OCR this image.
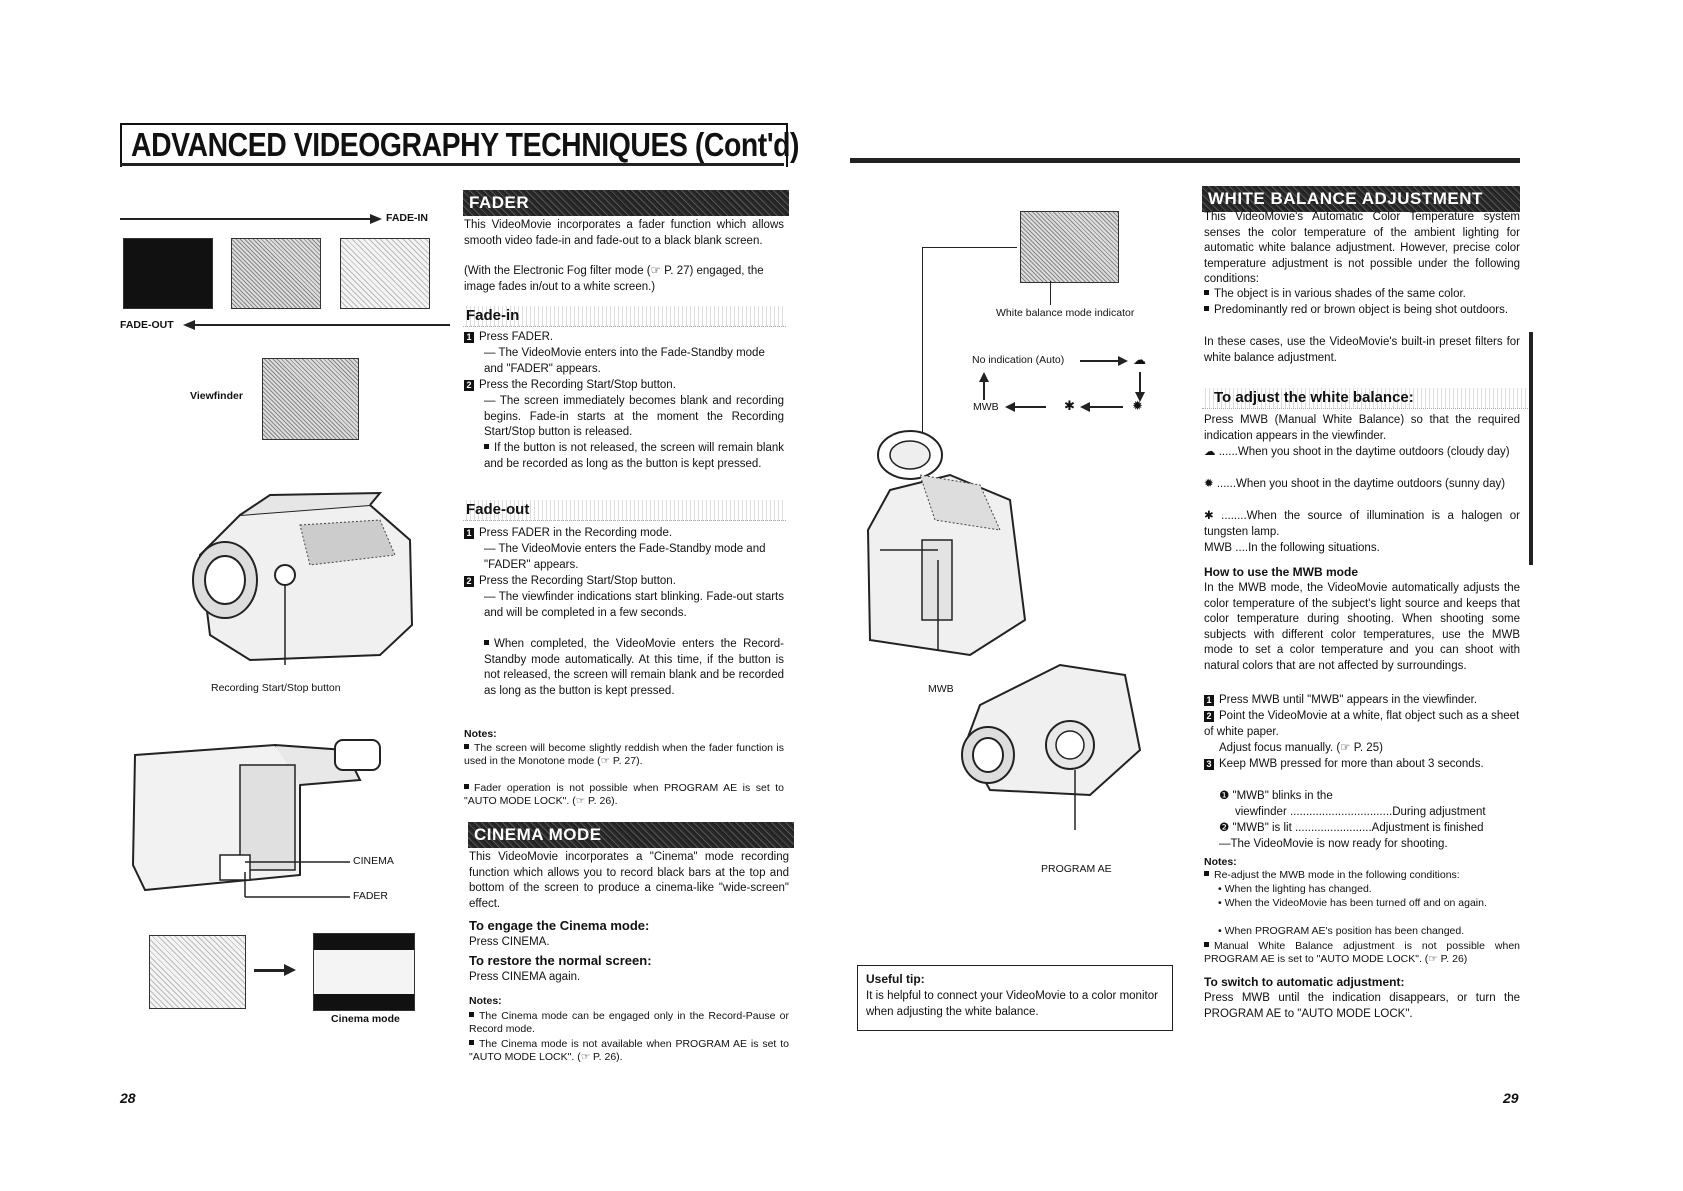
ADVANCED VIDEOGRAPHY TECHNIQUES (Cont'd)
FADE-IN
FADE-OUT
Viewfinder
Recording Start/Stop button
CINEMA
FADER
Cinema mode
28
FADER
This VideoMovie incorporates a fader function which allows smooth video fade-in and fade-out to a black blank screen.
(With the Electronic Fog filter mode (☞ P. 27) engaged, the image fades in/out to a white screen.)
Fade-in
1 Press FADER.
— The VideoMovie enters into the Fade-Standby mode and "FADER" appears.
2 Press the Recording Start/Stop button.
— The screen immediately becomes blank and recording begins. Fade-in starts at the moment the Recording Start/Stop button is released.
If the button is not released, the screen will remain blank and be recorded as long as the button is kept pressed.
Fade-out
1 Press FADER in the Recording mode.
— The VideoMovie enters the Fade-Standby mode and "FADER" appears.
2 Press the Recording Start/Stop button.
— The viewfinder indications start blinking. Fade-out starts and will be completed in a few seconds.
When completed, the VideoMovie enters the Record-Standby mode automatically. At this time, if the button is not released, the screen will remain blank and be recorded as long as the button is kept pressed.
Notes:
The screen will become slightly reddish when the fader function is used in the Monotone mode (☞ P. 27).
Fader operation is not possible when PROGRAM AE is set to "AUTO MODE LOCK". (☞ P. 26).
CINEMA MODE
This VideoMovie incorporates a "Cinema" mode recording function which allows you to record black bars at the top and bottom of the screen to produce a cinema-like "wide-screen" effect.
To engage the Cinema mode:
Press CINEMA.
To restore the normal screen:
Press CINEMA again.
Notes:
The Cinema mode can be engaged only in the Record-Pause or Record mode.
The Cinema mode is not available when PROGRAM AE is set to "AUTO MODE LOCK". (☞ P. 26).
White balance mode indicator
No indication (Auto)	☁
MWB	✱	✹
MWB
PROGRAM AE
Useful tip:
It is helpful to connect your VideoMovie to a color monitor when adjusting the white balance.
WHITE BALANCE ADJUSTMENT
This VideoMovie's Automatic Color Temperature system senses the color temperature of the ambient lighting for automatic white balance adjustment. However, precise color temperature adjustment is not possible under the following conditions:
The object is in various shades of the same color.
Predominantly red or brown object is being shot outdoors.
In these cases, use the VideoMovie's built-in preset filters for white balance adjustment.
To adjust the white balance:
Press MWB (Manual White Balance) so that the required indication appears in the viewfinder.
☁ ......When you shoot in the daytime outdoors (cloudy day)
✹ ......When you shoot in the daytime outdoors (sunny day)
✱ ........When the source of illumination is a halogen or tungsten lamp.
MWB ....In the following situations.
How to use the MWB mode
In the MWB mode, the VideoMovie automatically adjusts the color temperature of the subject's light source and keeps that color temperature during shooting. When shooting some subjects with different color temperatures, use the MWB mode to set a color temperature and you can shoot with natural colors that are not affected by surroundings.
1 Press MWB until "MWB" appears in the viewfinder.
2 Point the VideoMovie at a white, flat object such as a sheet of white paper.
Adjust focus manually. (☞ P. 25)
3 Keep MWB pressed for more than about 3 seconds.
❶ "MWB" blinks in the
viewfinder ................................During adjustment
❷ "MWB" is lit ........................Adjustment is finished
—The VideoMovie is now ready for shooting.
Notes:
Re-adjust the MWB mode in the following conditions:
• When the lighting has changed.
• When the VideoMovie has been turned off and on again.
• When PROGRAM AE's position has been changed.
Manual White Balance adjustment is not possible when PROGRAM AE is set to "AUTO MODE LOCK". (☞ P. 26)
To switch to automatic adjustment:
Press MWB until the indication disappears, or turn the PROGRAM AE to "AUTO MODE LOCK".
29
